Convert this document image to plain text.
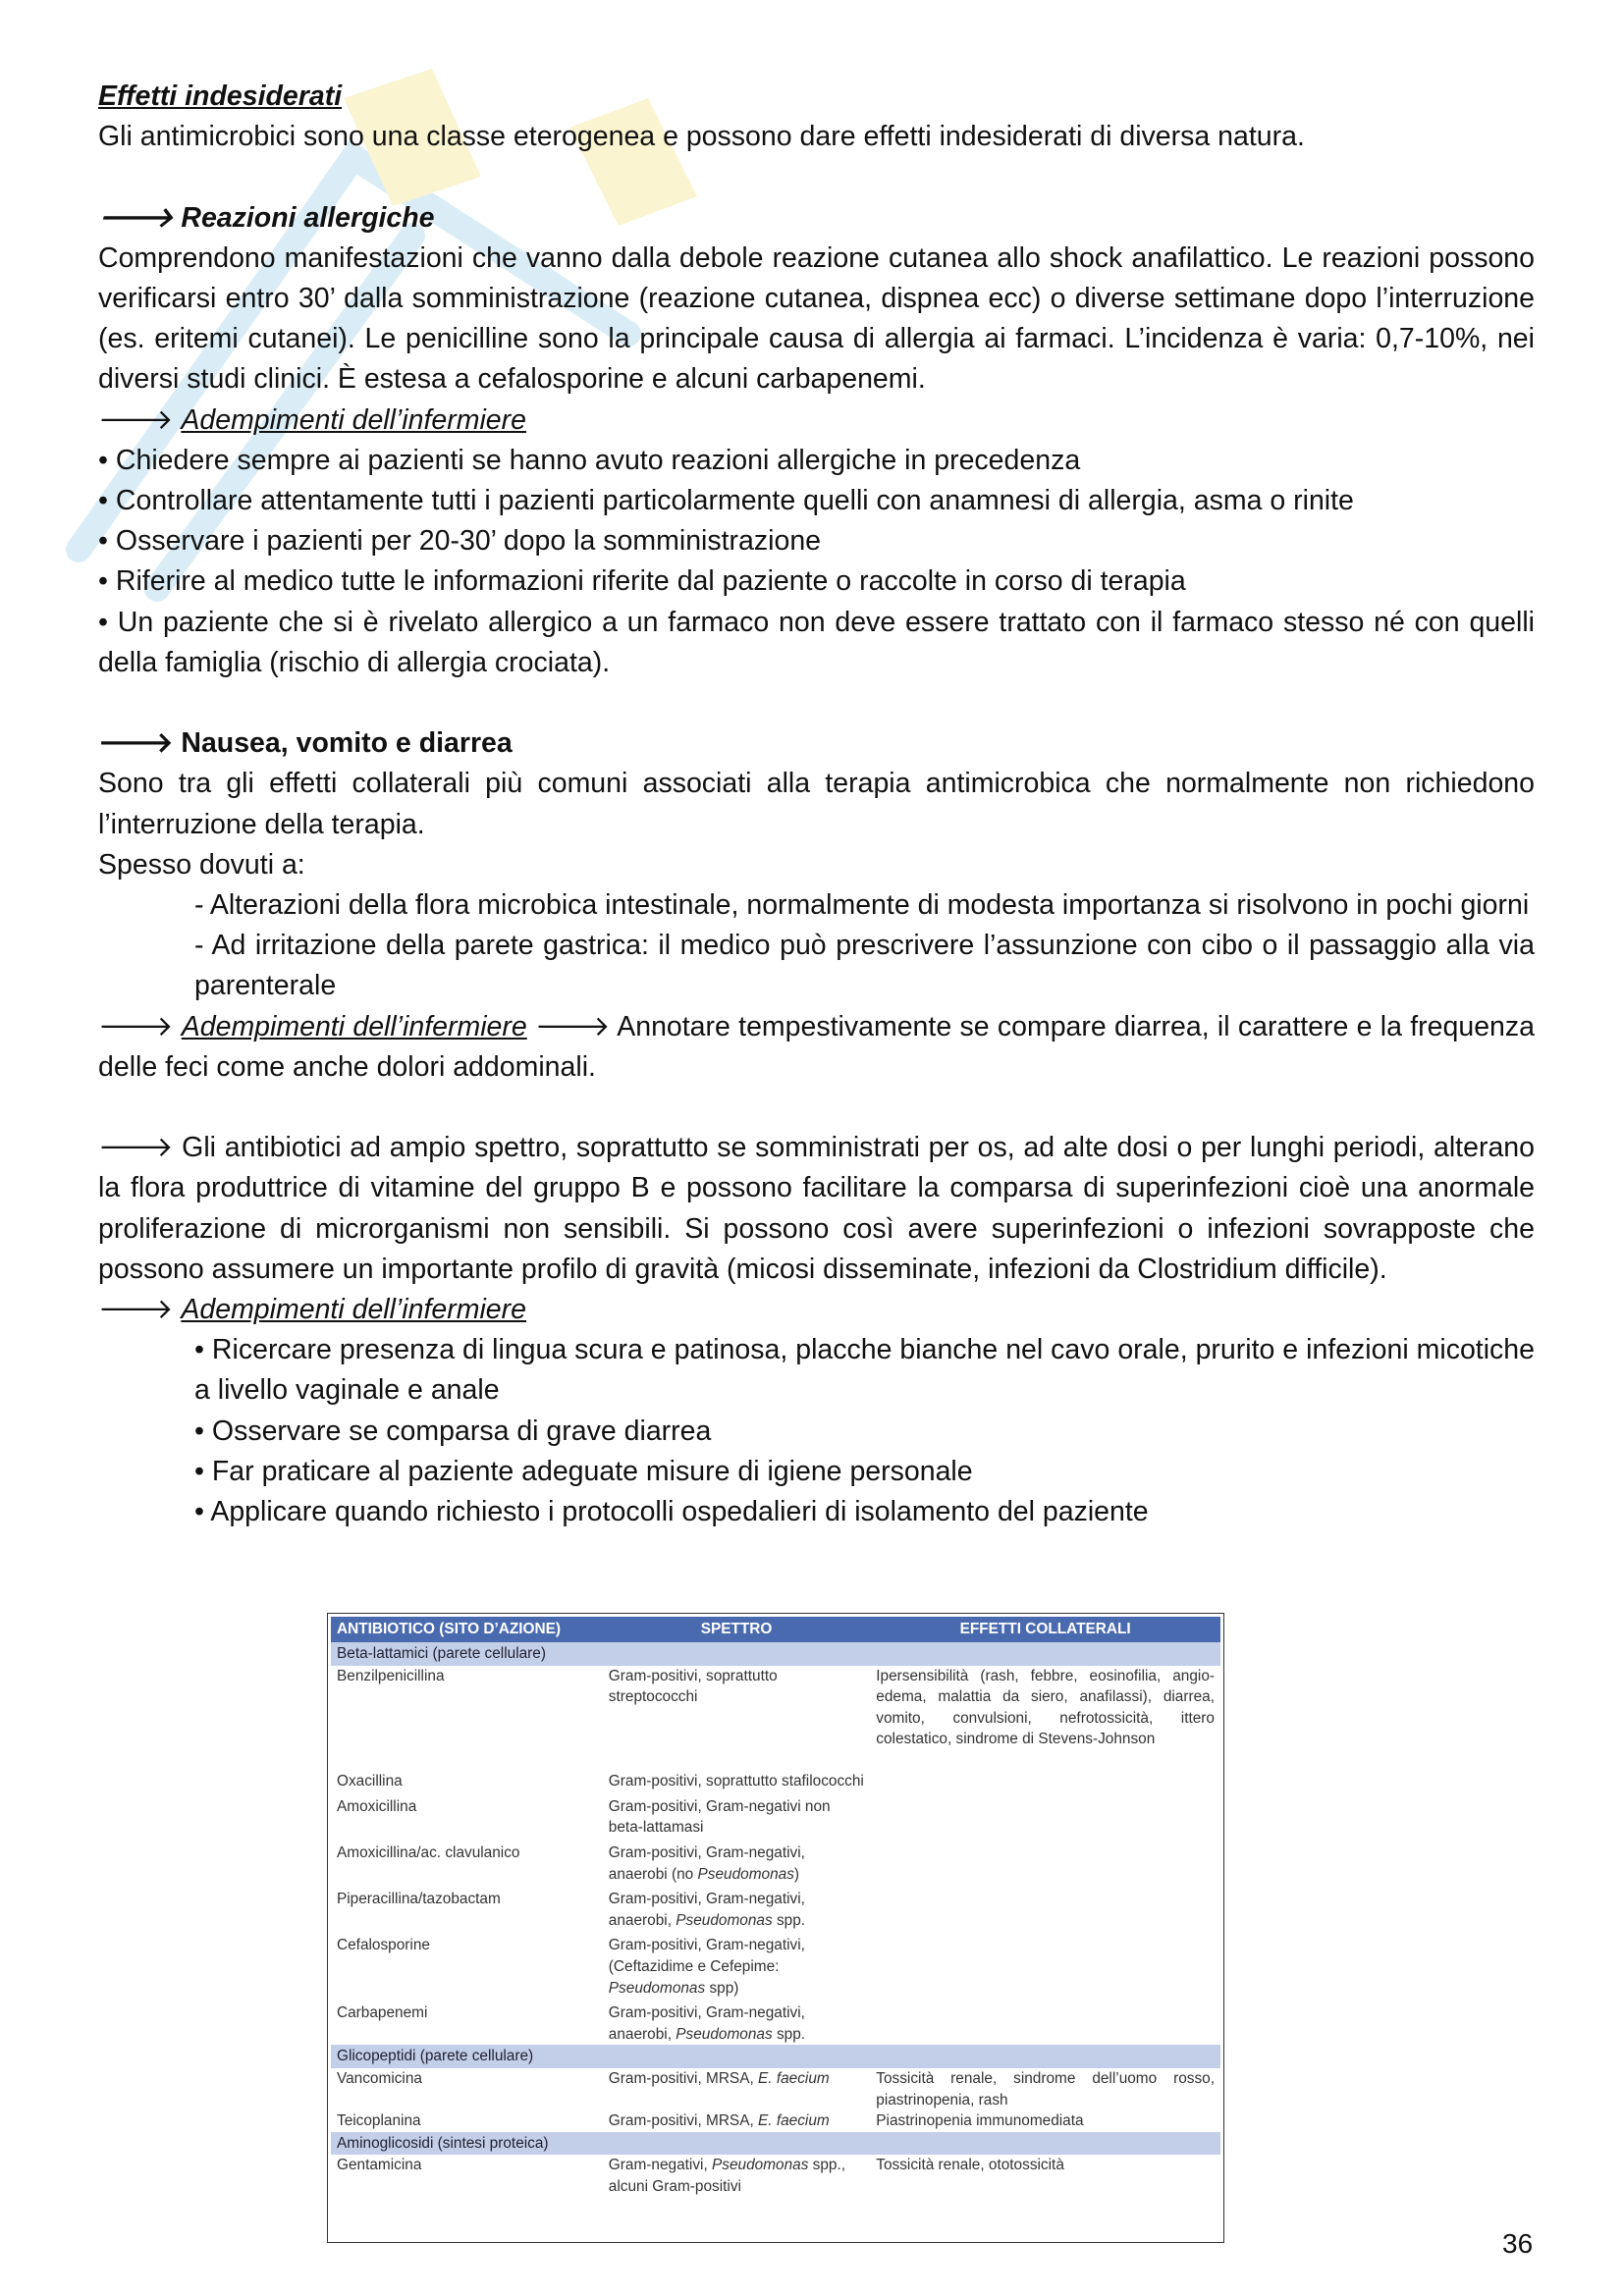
Effetti indesiderati

Gli antimicrobici sono una classe eterogenea e possono dare effetti indesiderati di diversa natura.

🡒 Reazioni allergiche

Comprendono manifestazioni che vanno dalla debole reazione cutanea allo shock anafilattico. Le reazioni possono verificarsi entro 30’ dalla somministrazione (reazione cutanea, dispnea ecc) o diverse settimane dopo l’interruzione (es. eritemi cutanei). Le penicilline sono la principale causa di allergia ai farmaci. L’incidenza è varia: 0,7-10%, nei diversi studi clinici. È estesa a cefalosporine e alcuni carbapenemi.

🡒 Adempimenti dell’infermiere

• Chiedere sempre ai pazienti se hanno avuto reazioni allergiche in precedenza

• Controllare attentamente tutti i pazienti particolarmente quelli con anamnesi di allergia, asma o rinite

• Osservare i pazienti per 20-30’ dopo la somministrazione

• Riferire al medico tutte le informazioni riferite dal paziente o raccolte in corso di terapia

• Un paziente che si è rivelato allergico a un farmaco non deve essere trattato con il farmaco stesso né con quelli della famiglia (rischio di allergia crociata).

🡒 Nausea, vomito e diarrea

Sono tra gli effetti collaterali più comuni associati alla terapia antimicrobica che normalmente non richiedono l’interruzione della terapia.

Spesso dovuti a:

- Alterazioni della flora microbica intestinale, normalmente di modesta importanza si risolvono in pochi giorni

- Ad irritazione della parete gastrica: il medico può prescrivere l’assunzione con cibo o il passaggio alla via parenterale

🡒 Adempimenti dell’infermiere 🡒 Annotare tempestivamente se compare diarrea, il carattere e la frequenza delle feci come anche dolori addominali.

🡒 Gli antibiotici ad ampio spettro, soprattutto se somministrati per os, ad alte dosi o per lunghi periodi, alterano la flora produttrice di vitamine del gruppo B e possono facilitare la comparsa di superinfezioni cioè una anormale proliferazione di microrganismi non sensibili. Si possono così avere superinfezioni o infezioni sovrapposte che possono assumere un importante profilo di gravità (micosi disseminate, infezioni da Clostridium difficile).

🡒 Adempimenti dell’infermiere

• Ricercare presenza di lingua scura e patinosa, placche bianche nel cavo orale, prurito e infezioni micotiche a livello vaginale e anale

• Osservare se comparsa di grave diarrea

• Far praticare al paziente adeguate misure di igiene personale

• Applicare quando richiesto i protocolli ospedalieri di isolamento del paziente

ANTIBIOTICO (SITO D’AZIONE)	SPETTRO	EFFETTI COLLATERALI
Beta-lattamici (parete cellulare)		
Benzilpenicillina	Gram-positivi, soprattutto streptococchi	Ipersensibilità (rash, febbre, eosinofilia, angio-edema, malattia da siero, anafilassi), diarrea, vomito, convulsioni, nefrotossicità, ittero colestatico, sindrome di Stevens-Johnson
Oxacillina	Gram-positivi, soprattutto stafilococchi	
Amoxicillina	Gram-positivi, Gram-negativi non beta-lattamasi	
Amoxicillina/ac. clavulanico	Gram-positivi, Gram-negativi, anaerobi (no Pseudomonas)	
Piperacillina/tazobactam	Gram-positivi, Gram-negativi, anaerobi, Pseudomonas spp.	
Cefalosporine	Gram-positivi, Gram-negativi, (Ceftazidime e Cefepime: Pseudomonas spp)	
Carbapenemi	Gram-positivi, Gram-negativi, anaerobi, Pseudomonas spp.	
Glicopeptidi (parete cellulare)		
Vancomicina	Gram-positivi, MRSA, E. faecium	Tossicità renale, sindrome dell’uomo rosso, piastrinopenia, rash
Teicoplanina	Gram-positivi, MRSA, E. faecium	Piastrinopenia immunomediata
Aminoglicosidi (sintesi proteica)		
Gentamicina	Gram-negativi, Pseudomonas spp., alcuni Gram-positivi	Tossicità renale, ototossicità
36
